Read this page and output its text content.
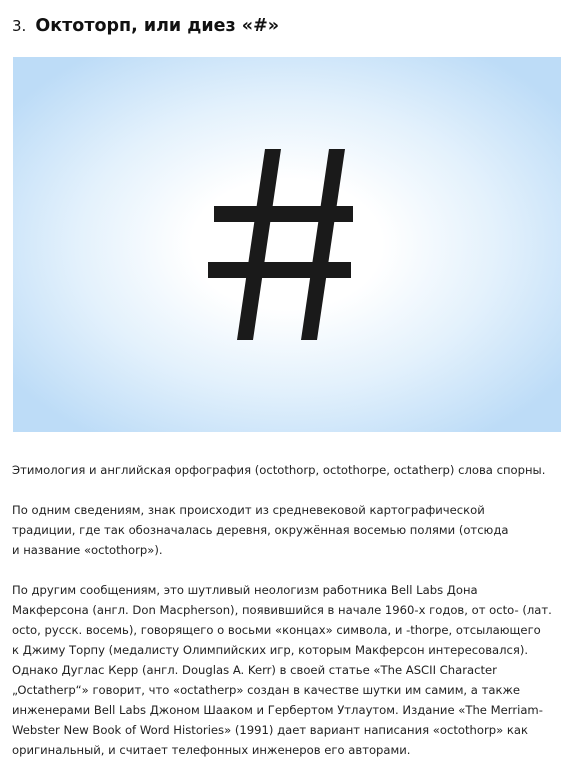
3. Октоторп, или диез «#»

Этимология и английская орфография (octothorp, octothorpe, octatherp) слова спорны.

По одним сведениям, знак происходит из средневековой картографической
традиции, где так обозначалась деревня, окружённая восемью полями (отсюда
и название «octothorp»).

По другим сообщениям, это шутливый неологизм работника Bell Labs Дона
Макферсона (англ. Don Macpherson), появившийся в начале 1960-х годов, от octo- (лат.
octo, русск. восемь), говорящего о восьми «концах» символа, и -thorpe, отсылающего
к Джиму Торпу (медалисту Олимпийских игр, которым Макферсон интересовался).
Однако Дуглас Керр (англ. Douglas A. Kerr) в своей статье «The ASCII Character
„Octatherp“» говорит, что «octatherp» создан в качестве шутки им самим, а также
инженерами Bell Labs Джоном Шааком и Гербертом Утлаутом. Издание «The Merriam-
Webster New Book of Word Histories» (1991) дает вариант написания «octothorp» как
оригинальный, и считает телефонных инженеров его авторами.
